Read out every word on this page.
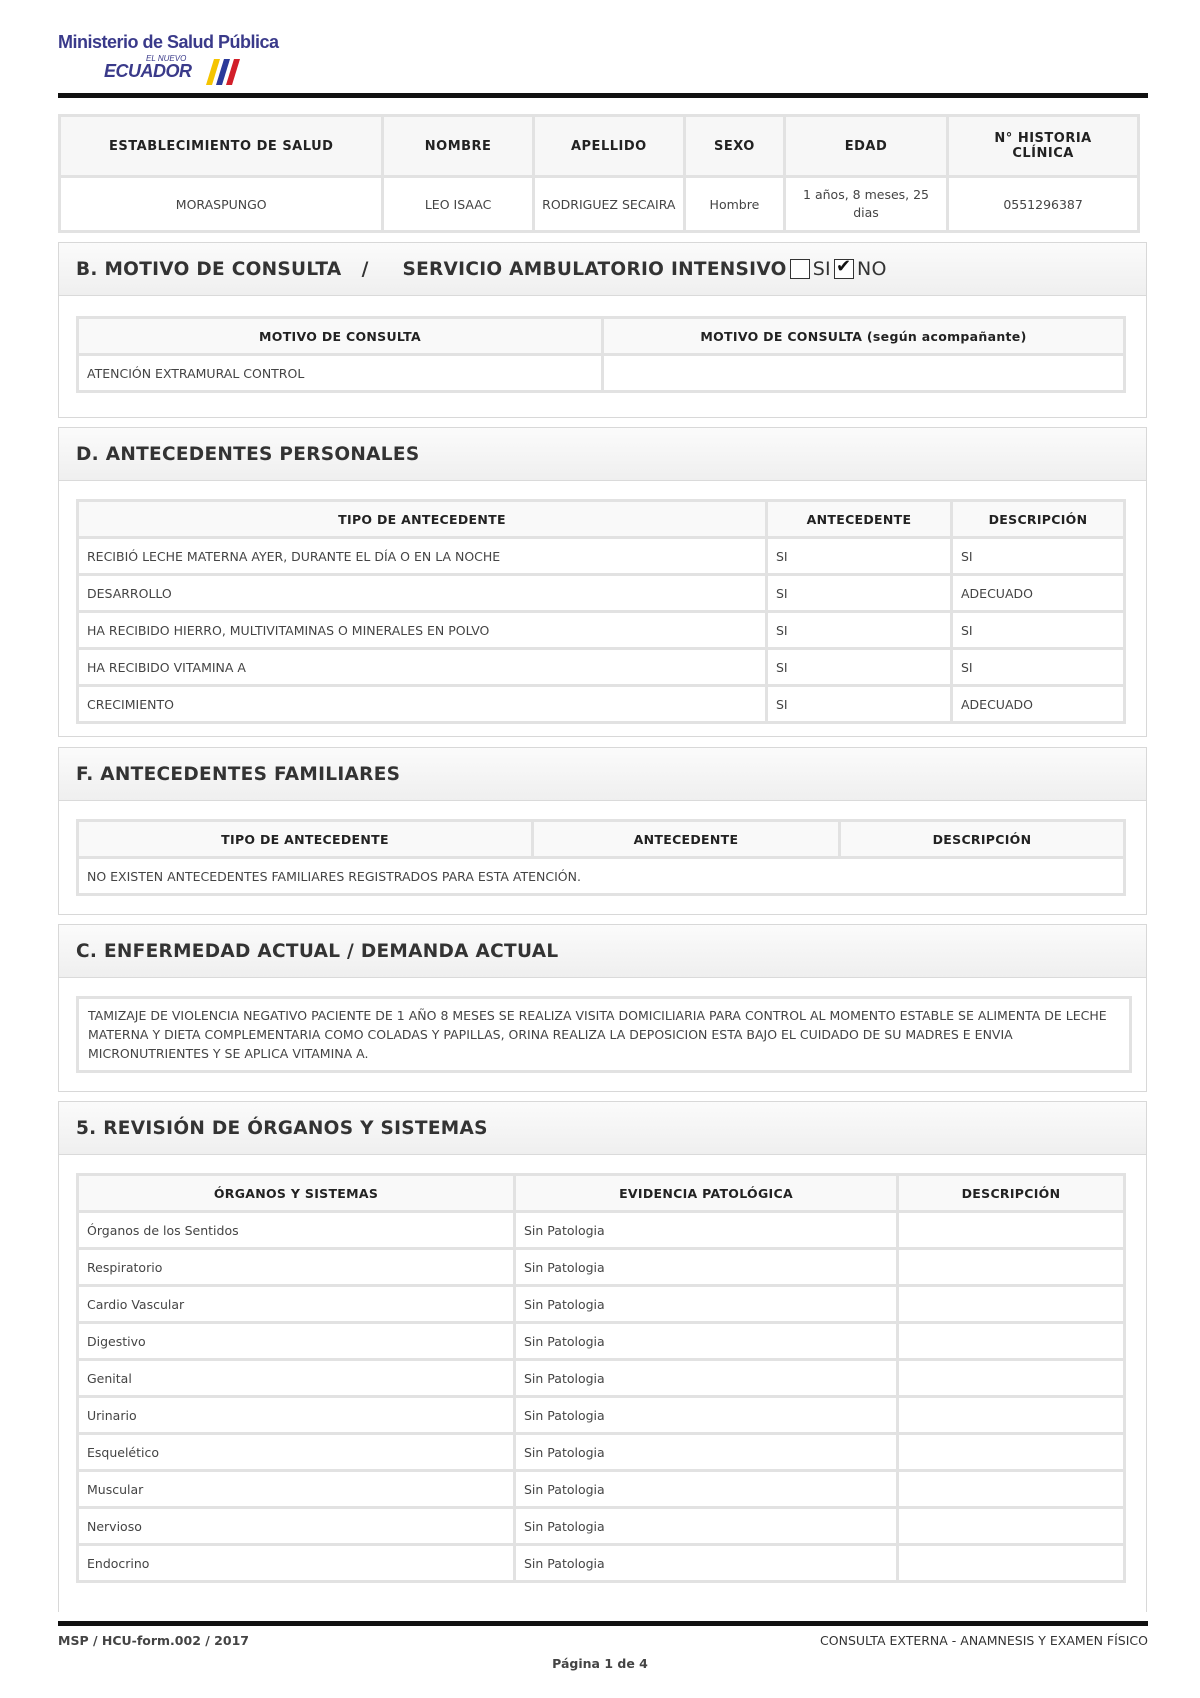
Ministerio de Salud Pública
EL NUEVO
ECUADOR
ESTABLECIMIENTO DE SALUD	NOMBRE	APELLIDO	SEXO	EDAD	N° HISTORIA CLÍNICA
MORASPUNGO	LEO ISAAC	RODRIGUEZ SECAIRA	Hombre	1 años, 8 meses, 25 dias	0551296387
B. MOTIVO DE CONSULTA   /     SERVICIO AMBULATORIO INTENSIVO SI ✔ NO
MOTIVO DE CONSULTA	MOTIVO DE CONSULTA (según acompañante)
ATENCIÓN EXTRAMURAL CONTROL	
D. ANTECEDENTES PERSONALES
TIPO DE ANTECEDENTE	ANTECEDENTE	DESCRIPCIÓN
RECIBIÓ LECHE MATERNA AYER, DURANTE EL DÍA O EN LA NOCHE	SI	SI
DESARROLLO	SI	ADECUADO
HA RECIBIDO HIERRO, MULTIVITAMINAS O MINERALES EN POLVO	SI	SI
HA RECIBIDO VITAMINA A	SI	SI
CRECIMIENTO	SI	ADECUADO
F. ANTECEDENTES FAMILIARES
TIPO DE ANTECEDENTE	ANTECEDENTE	DESCRIPCIÓN
NO EXISTEN ANTECEDENTES FAMILIARES REGISTRADOS PARA ESTA ATENCIÓN.
C. ENFERMEDAD ACTUAL / DEMANDA ACTUAL
TAMIZAJE DE VIOLENCIA NEGATIVO PACIENTE DE 1 AÑO 8 MESES SE REALIZA VISITA DOMICILIARIA PARA CONTROL AL MOMENTO ESTABLE SE ALIMENTA DE LECHE MATERNA Y DIETA COMPLEMENTARIA COMO COLADAS Y PAPILLAS, ORINA REALIZA LA DEPOSICION ESTA BAJO EL CUIDADO DE SU MADRES E ENVIA MICRONUTRIENTES Y SE APLICA VITAMINA A.
5. REVISIÓN DE ÓRGANOS Y SISTEMAS
ÓRGANOS Y SISTEMAS	EVIDENCIA PATOLÓGICA	DESCRIPCIÓN
Órganos de los Sentidos	Sin Patologia	
Respiratorio	Sin Patologia	
Cardio Vascular	Sin Patologia	
Digestivo	Sin Patologia	
Genital	Sin Patologia	
Urinario	Sin Patologia	
Esquelético	Sin Patologia	
Muscular	Sin Patologia	
Nervioso	Sin Patologia	
Endocrino	Sin Patologia	
MSP / HCU-form.002 / 2017	CONSULTA EXTERNA - ANAMNESIS Y EXAMEN FÍSICO
Página 1 de 4
